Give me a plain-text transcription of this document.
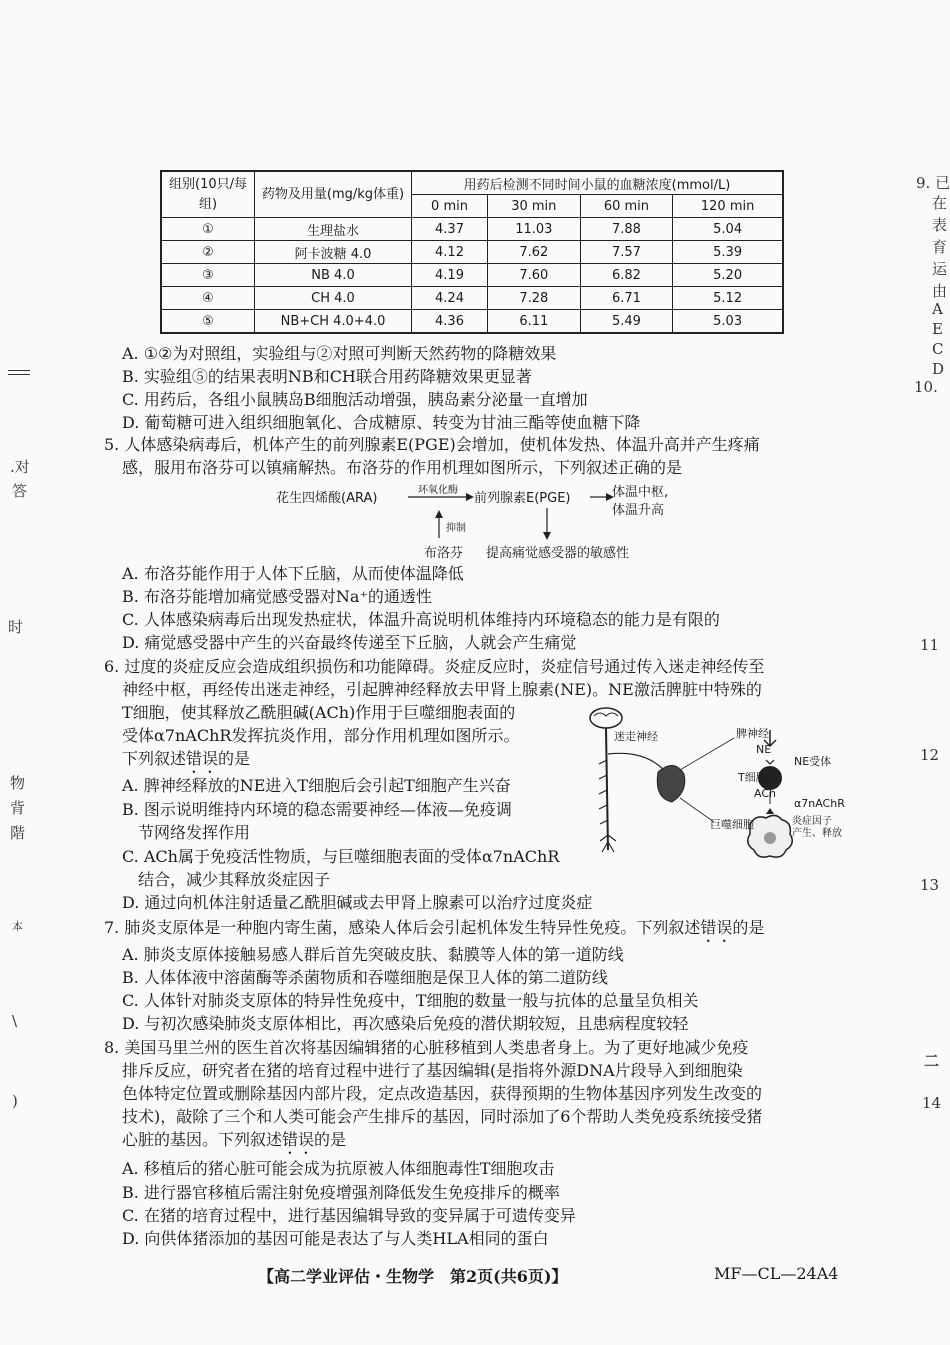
.对
答
时
物
背
階
本
\
)
9. 已
在
表
育
运
由
A
E
C
D
10.
11
12
13
二
14
组别(10只/每组)	药物及用量(mg/kg体重)	用药后检测不同时间小鼠的血糖浓度(mmol/L)			
		0 min	30 min	60 min	120 min
①	生理盐水	4.37	11.03	7.88	5.04
②	阿卡波糖 4.0	4.12	7.62	7.57	5.39
③	NB 4.0	4.19	7.60	6.82	5.20
④	CH 4.0	4.24	7.28	6.71	5.12
⑤	NB+CH 4.0+4.0	4.36	6.11	5.49	5.03
A. ①②为对照组，实验组与②对照可判断天然药物的降糖效果
B. 实验组⑤的结果表明NB和CH联合用药降糖效果更显著
C. 用药后，各组小鼠胰岛B细胞活动增强，胰岛素分泌量一直增加
D. 葡萄糖可进入组织细胞氧化、合成糖原、转变为甘油三酯等使血糖下降
5. 人体感染病毒后，机体产生的前列腺素E(PGE)会增加，使机体发热、体温升高并产生疼痛
感，服用布洛芬可以镇痛解热。布洛芬的作用机理如图所示，下列叙述正确的是
花生四烯酸(ARA)
环氧化酶
前列腺素E(PGE)	体温中枢,
体温升高
抑制
布洛芬 提高痛觉感受器的敏感性
A. 布洛芬能作用于人体下丘脑，从而使体温降低
B. 布洛芬能增加痛觉感受器对Na⁺的通透性
C. 人体感染病毒后出现发热症状，体温升高说明机体维持内环境稳态的能力是有限的
D. 痛觉感受器中产生的兴奋最终传递至下丘脑，人就会产生痛觉
6. 过度的炎症反应会造成组织损伤和功能障碍。炎症反应时，炎症信号通过传入迷走神经传至
神经中枢，再经传出迷走神经，引起脾神经释放去甲肾上腺素(NE)。NE激活脾脏中特殊的
T细胞，使其释放乙酰胆碱(ACh)作用于巨噬细胞表面的
受体α7nAChR发挥抗炎作用，部分作用机理如图所示。
下列叙述错误的是
A. 脾神经释放的NE进入T细胞后会引起T细胞产生兴奋
B. 图示说明维持内环境的稳态需要神经—体液—免疫调
节网络发挥作用
C. ACh属于免疫活性物质，与巨噬细胞表面的受体α7nAChR
结合，减少其释放炎症因子
D. 通过向机体注射适量乙酰胆碱或去甲肾上腺素可以治疗过度炎症
迷走神经	脾神经
NE
NE受体
T细胞
ACh
α7nAChR
巨噬细胞	炎症因子
产生、释放
7. 肺炎支原体是一种胞内寄生菌，感染人体后会引起机体发生特异性免疫。下列叙述错误的是
A. 肺炎支原体接触易感人群后首先突破皮肤、黏膜等人体的第一道防线
B. 人体体液中溶菌酶等杀菌物质和吞噬细胞是保卫人体的第二道防线
C. 人体针对肺炎支原体的特异性免疫中，T细胞的数量一般与抗体的总量呈负相关
D. 与初次感染肺炎支原体相比，再次感染后免疫的潜伏期较短，且患病程度较轻
8. 美国马里兰州的医生首次将基因编辑猪的心脏移植到人类患者身上。为了更好地减少免疫
排斥反应，研究者在猪的培育过程中进行了基因编辑(是指将外源DNA片段导入到细胞染
色体特定位置或删除基因内部片段，定点改造基因，获得预期的生物体基因序列发生改变的
技术)，敲除了三个和人类可能会产生排斥的基因，同时添加了6个帮助人类免疫系统接受猪
心脏的基因。下列叙述错误的是
A. 移植后的猪心脏可能会成为抗原被人体细胞毒性T细胞攻击
B. 进行器官移植后需注射免疫增强剂降低发生免疫排斥的概率
C. 在猪的培育过程中，进行基因编辑导致的变异属于可遗传变异
D. 向供体猪添加的基因可能是表达了与人类HLA相同的蛋白
【高二学业评估・生物学　第2页(共6页)】	MF—CL—24A4
